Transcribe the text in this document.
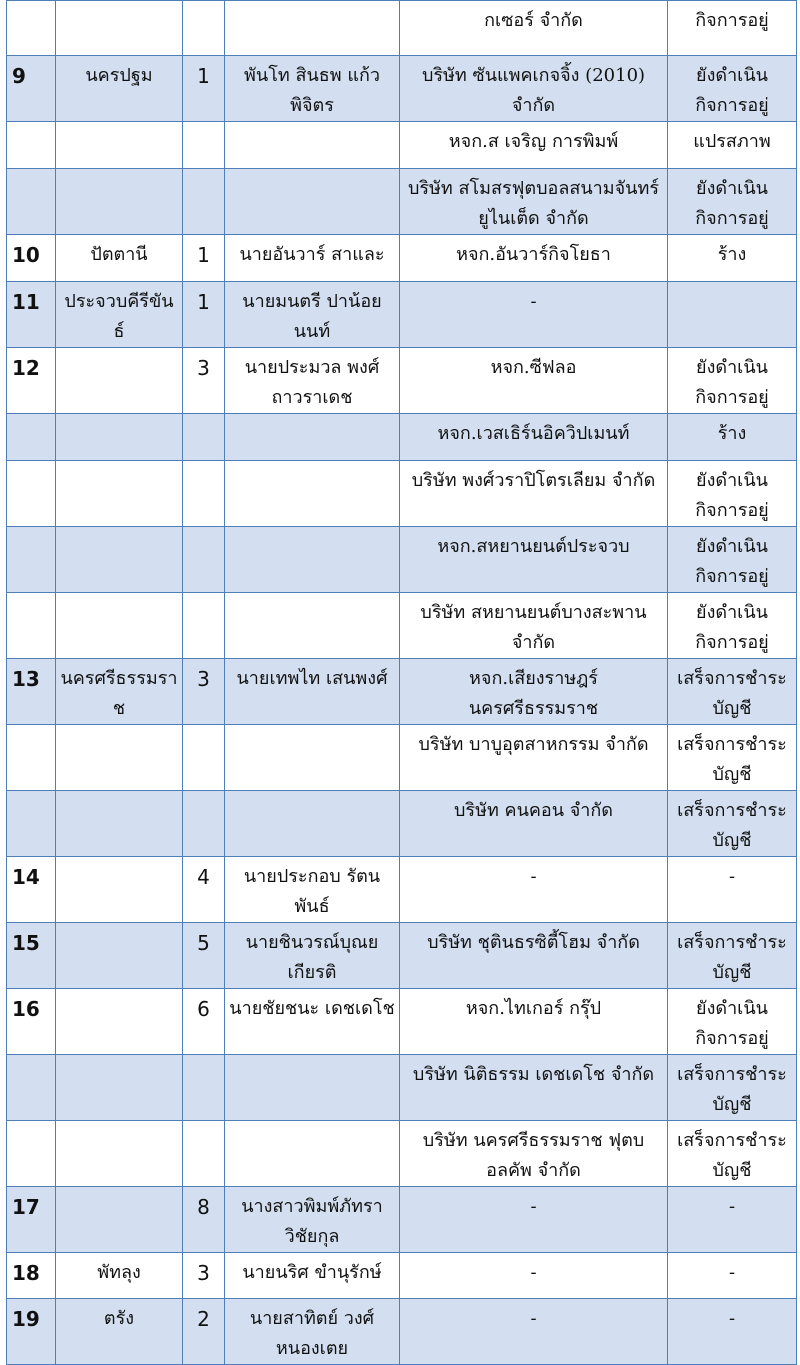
				กเซอร์ จำกัด	กิจการอยู่
9	นครปฐม	1	พันโท สินธพ แก้วพิจิตร	บริษัท ซันแพคเกจจิ้ง (2010) จำกัด	ยังดำเนินกิจการอยู่
				หจก.ส เจริญ การพิมพ์	แปรสภาพ
				บริษัท สโมสรฟุตบอลสนามจันทร์ ยูไนเต็ด จำกัด	ยังดำเนินกิจการอยู่
10	ปัตตานี	1	นายอันวาร์ สาและ	หจก.อันวาร์กิจโยธา	ร้าง
11	ประจวบคีรีขันธ์	1	นายมนตรี ปาน้อยนนท์	-	
12		3	นายประมวล พงศ์ถาวราเดช	หจก.ซีฟลอ	ยังดำเนินกิจการอยู่
				หจก.เวสเธิร์นอิควิปเมนท์	ร้าง
				บริษัท พงศ์วราปิโตรเลียม จำกัด	ยังดำเนินกิจการอยู่
				หจก.สหยานยนต์ประจวบ	ยังดำเนินกิจการอยู่
				บริษัท สหยานยนต์บางสะพาน จำกัด	ยังดำเนินกิจการอยู่
13	นครศรีธรรมราช	3	นายเทพไท เสนพงศ์	หจก.เสียงราษฎร์ นครศรีธรรมราช	เสร็จการชำระบัญชี
				บริษัท บาบูอุตสาหกรรม จำกัด	เสร็จการชำระบัญชี
				บริษัท คนคอน จำกัด	เสร็จการชำระบัญชี
14		4	นายประกอบ รัตนพันธ์	-	-
15		5	นายชินวรณ์บุณยเกียรติ	บริษัท ชุตินธรซิตี้โฮม จำกัด	เสร็จการชำระบัญชี
16		6	นายชัยชนะ เดชเดโช	หจก.ไทเกอร์ กรุ๊ป	ยังดำเนินกิจการอยู่
				บริษัท นิติธรรม เดชเดโช จำกัด	เสร็จการชำระบัญชี
				บริษัท นครศรีธรรมราช ฟุตบอลคัพ จำกัด	เสร็จการชำระบัญชี
17		8	นางสาวพิมพ์ภัทรา วิชัยกุล	-	-
18	พัทลุง	3	นายนริศ ขำนุรักษ์	-	-
19	ตรัง	2	นายสาทิตย์ วงศ์หนองเตย	-	-
